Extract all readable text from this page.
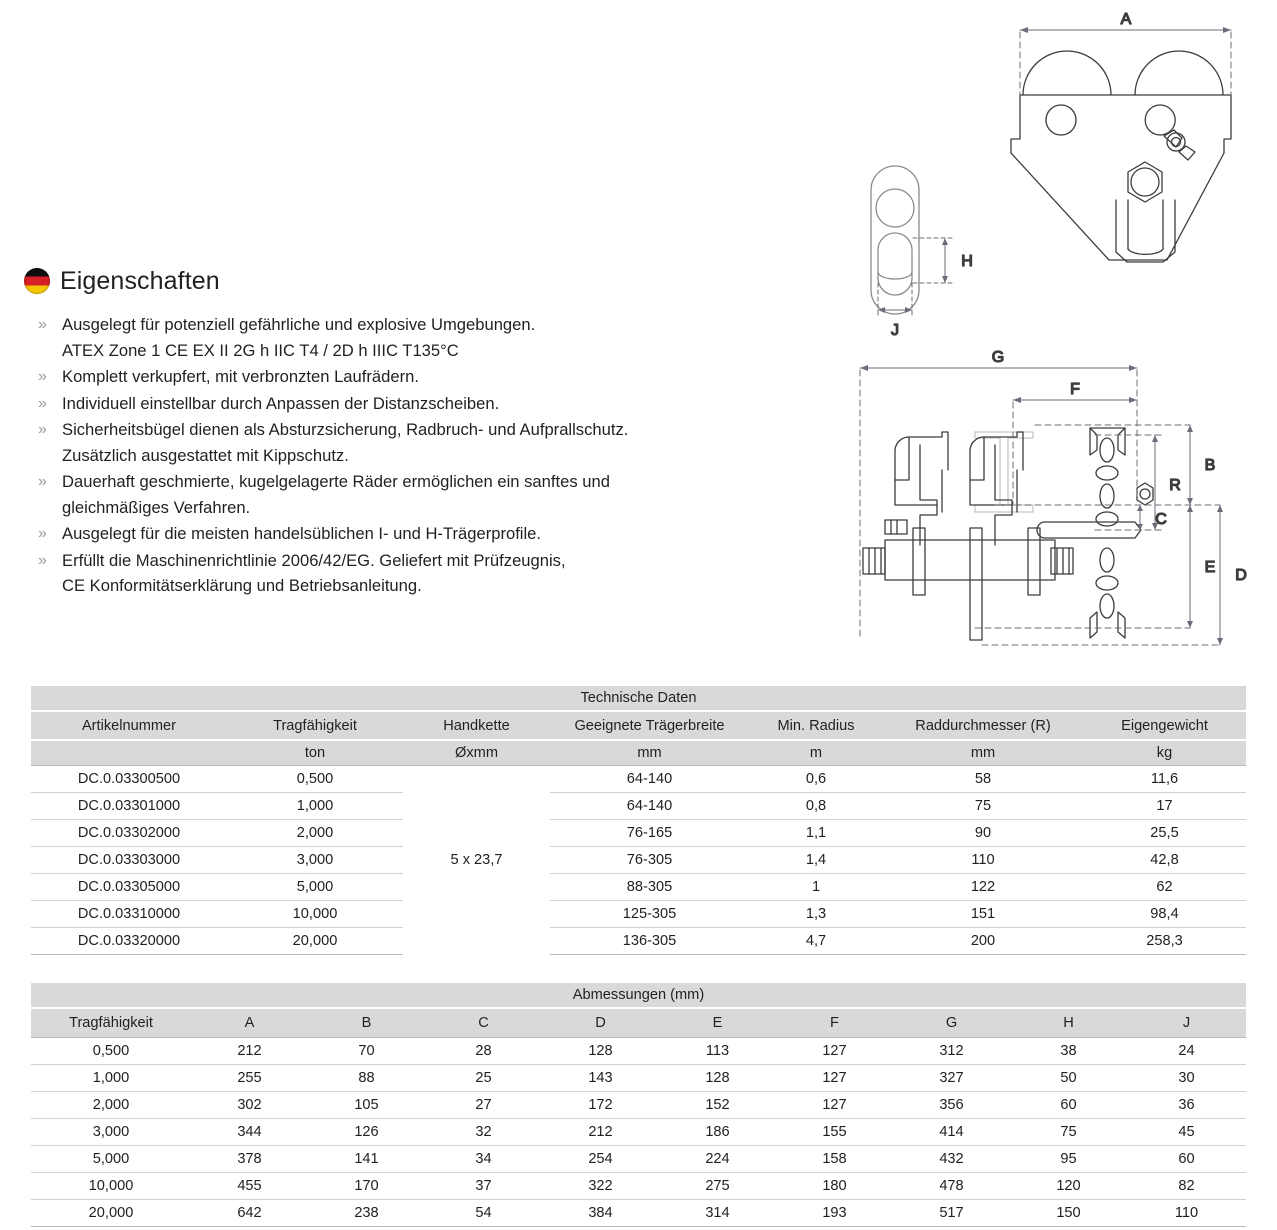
Eigenschaften
» Ausgelegt für potenziell gefährliche und explosive Umgebungen.
ATEX Zone 1 CE EX II 2G h IIC T4 / 2D h IIIC T135°C
» Komplett verkupfert, mit verbronzten Laufrädern.
» Individuell einstellbar durch Anpassen der Distanzscheiben.
» Sicherheitsbügel dienen als Absturzsicherung, Radbruch- und Aufprallschutz.
Zusätzlich ausgestattet mit Kippschutz.
» Dauerhaft geschmierte, kugelgelagerte Räder ermöglichen ein sanftes und
gleichmäßiges Verfahren.
» Ausgelegt für die meisten handelsüblichen I- und H-Trägerprofile.
» Erfüllt die Maschinenrichtlinie 2006/42/EG. Geliefert mit Prüfzeugnis,
CE Konformitätserklärung und Betriebsanleitung.
A
H
J
G
F
R
C
B
E D
Technische Daten						
Artikelnummer	Tragfähigkeit	Handkette	Geeignete Trägerbreite	Min. Radius	Raddurchmesser (R)	Eigengewicht
	ton	Øxmm	mm	m	mm	kg
DC.0.03300500	0,500	5 x 23,7	64-140	0,6	58	11,6
DC.0.03301000	1,000		64-140	0,8	75	17
DC.0.03302000	2,000		76-165	1,1	90	25,5
DC.0.03303000	3,000		76-305	1,4	110	42,8
DC.0.03305000	5,000		88-305	1	122	62
DC.0.03310000	10,000		125-305	1,3	151	98,4
DC.0.03320000	20,000		136-305	4,7	200	258,3
Abmessungen (mm)									
Tragfähigkeit	A	B	C	D	E	F	G	H	J
0,500	212	70	28	128	113	127	312	38	24
1,000	255	88	25	143	128	127	327	50	30
2,000	302	105	27	172	152	127	356	60	36
3,000	344	126	32	212	186	155	414	75	45
5,000	378	141	34	254	224	158	432	95	60
10,000	455	170	37	322	275	180	478	120	82
20,000	642	238	54	384	314	193	517	150	110
